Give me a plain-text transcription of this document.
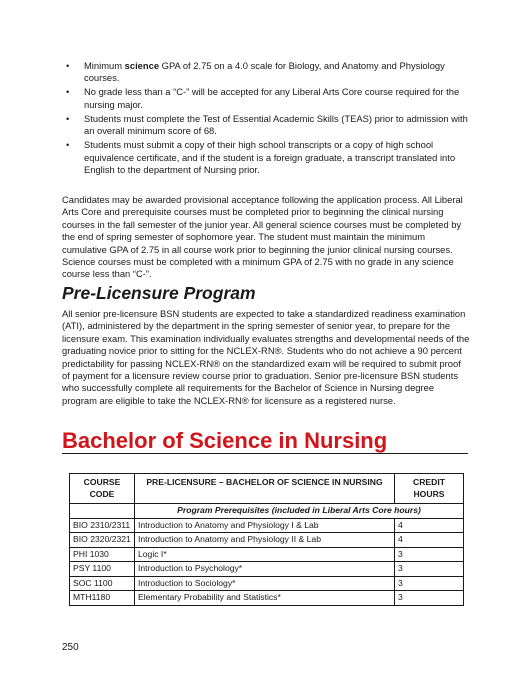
• Minimum science GPA of 2.75 on a 4.0 scale for Biology, and Anatomy and Physiology courses.
• No grade less than a “C-” will be accepted for any Liberal Arts Core course required for the nursing major.
• Students must complete the Test of Essential Academic Skills (TEAS) prior to admission with an overall minimum score of 68.
• Students must submit a copy of their high school transcripts or a copy of high school equivalence certificate, and if the student is a foreign graduate, a transcript translated into English to the department of Nursing prior.

Candidates may be awarded provisional acceptance following the application process. All Liberal Arts Core and prerequisite courses must be completed prior to beginning the clinical nursing courses in the fall semester of the junior year. All general science courses must be completed by the end of spring semester of sophomore year. The student must maintain the minimum cumulative GPA of 2.75 in all course work prior to beginning the junior clinical nursing courses. Science courses must be completed with a minimum GPA of 2.75 with no grade in any science course less than “C-”.

Pre-Licensure Program

All senior pre-licensure BSN students are expected to take a standardized readiness examination (ATI), administered by the department in the spring semester of senior year, to prepare for the licensure exam. This examination individually evaluates strengths and developmental needs of the graduating novice prior to sitting for the NCLEX-RN®. Students who do not achieve a 90 percent predictability for passing NCLEX-RN® on the standardized exam will be required to submit proof of payment for a licensure review course prior to graduation. Senior pre-licensure BSN students who successfully complete all requirements for the Bachelor of Science in Nursing degree program are eligible to take the NCLEX-RN® for licensure as a registered nurse.

Bachelor of Science in Nursing
COURSE CODE	PRE-LICENSURE – BACHELOR OF SCIENCE IN NURSING	CREDIT HOURS
	Program Prerequisites (included in Liberal Arts Core hours)	
BIO 2310/2311	Introduction to Anatomy and Physiology I & Lab	4
BIO 2320/2321	Introduction to Anatomy and Physiology II & Lab	4
PHI 1030	Logic I*	3
PSY 1100	Introduction to Psychology*	3
SOC 1100	Introduction to Sociology*	3
MTH1180	Elementary Probability and Statistics*	3
250
